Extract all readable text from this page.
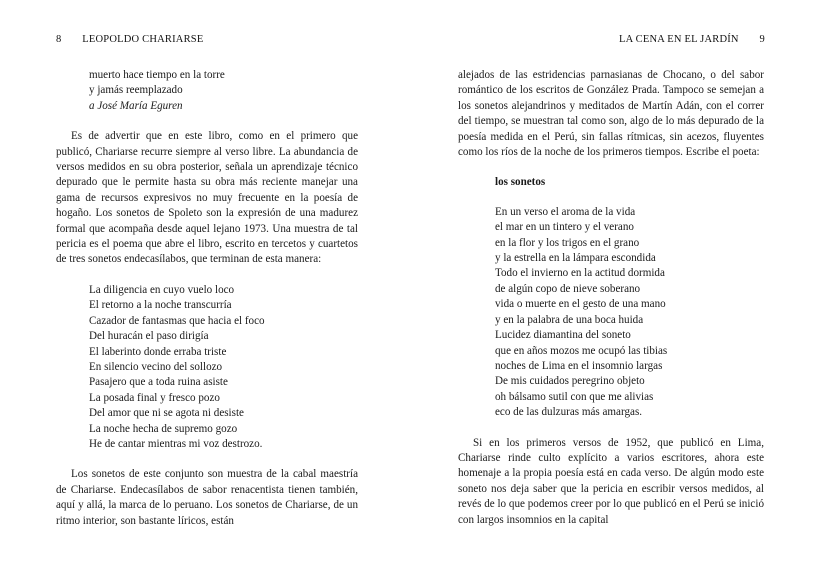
8 LEOPOLDO CHARIARSE
muerto hace tiempo en la torre
y jamás reemplazado
a José María Eguren

Es de advertir que en este libro, como en el primero que publicó, Chariarse recurre siempre al verso libre. La abundancia de versos medidos en su obra posterior, señala un aprendizaje técnico depurado que le permite hasta su obra más reciente manejar una gama de recursos expresivos no muy frecuente en la poesía de hogaño. Los sonetos de Spoleto son la expresión de una madurez formal que acompaña desde aquel lejano 1973. Una muestra de tal pericia es el poema que abre el libro, escrito en tercetos y cuartetos de tres sonetos endecasílabos, que terminan de esta manera:

La diligencia en cuyo vuelo loco
El retorno a la noche transcurría
Cazador de fantasmas que hacia el foco
Del huracán el paso dirigía
El laberinto donde erraba triste
En silencio vecino del sollozo
Pasajero que a toda ruina asiste
La posada final y fresco pozo
Del amor que ni se agota ni desiste
La noche hecha de supremo gozo
He de cantar mientras mi voz destrozo.

Los sonetos de este conjunto son muestra de la cabal maestría de Chariarse. Endecasílabos de sabor renacentista tienen también, aquí y allá, la marca de lo peruano. Los sonetos de Chariarse, de un ritmo interior, son bastante líricos, están

LA CENA EN EL JARDÍN 9

alejados de las estridencias parnasianas de Chocano, o del sabor romántico de los escritos de González Prada. Tampoco se semejan a los sonetos alejandrinos y meditados de Martín Adán, con el correr del tiempo, se muestran tal como son, algo de lo más depurado de la poesía medida en el Perú, sin fallas rítmicas, sin acezos, fluyentes como los ríos de la noche de los primeros tiempos. Escribe el poeta:

los sonetos
En un verso el aroma de la vida
el mar en un tintero y el verano
en la flor y los trigos en el grano
y la estrella en la lámpara escondida
Todo el invierno en la actitud dormida
de algún copo de nieve soberano
vida o muerte en el gesto de una mano
y en la palabra de una boca huida
Lucidez diamantina del soneto
que en años mozos me ocupó las tibias
noches de Lima en el insomnio largas
De mis cuidados peregrino objeto
oh bálsamo sutil con que me alivias
eco de las dulzuras más amargas.

Si en los primeros versos de 1952, que publicó en Lima, Chariarse rinde culto explícito a varios escritores, ahora este homenaje a la propia poesía está en cada verso. De algún modo este soneto nos deja saber que la pericia en escribir versos medidos, al revés de lo que podemos creer por lo que publicó en el Perú se inició con largos insomnios en la capital
